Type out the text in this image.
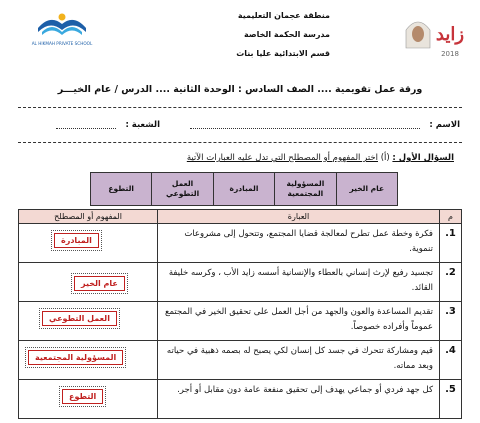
AL HIKMAH PRIVATE SCHOOL
منطقة عجمان التعليمية
مدرسة الحكمة الخاصة
قسم الابتدائية عليا بنات
زايد
2018
ورقة عمل تقويمية .... الصف السادس : الوحدة الثانية .... الدرس / عام الخيـــر
الاسم :
الشعبة :
السؤال الأول : (أ) اختر المفهوم أو المصطلح التي تدل عليه العبارات الآتية
عام الخير
المسؤولية المجتمعية
المبادرة
العمل التطوعي
التطوع
م
العبارة
المفهوم أو المصطلح
1.
فكرة وخطة عمل تطرح لمعالجة قضايا المجتمع، وتتحول إلى مشروعات تنموية.
المبادرة
2.
تجسيد رفيع لإرث إنساني بالعطاء والإنسانية أسسه زايد الأب ، وكرسه خليفة القائد.
عام الخير
3.
تقديم المساعدة والعون والجهد من أجل العمل على تحقيق الخير في المجتمع عموماً وأفراده خصوصاً.
العمل التطوعي
4.
قيم ومشاركة تتحرك في جسد كل إنسان لكي يصبح له بصمه ذهبية في حياته وبعد مماته.
المسؤولية المجتمعية
5.
كل جهد فردي أو جماعي يهدف إلى تحقيق منفعة عامة دون مقابل أو أجر.
التطوع
